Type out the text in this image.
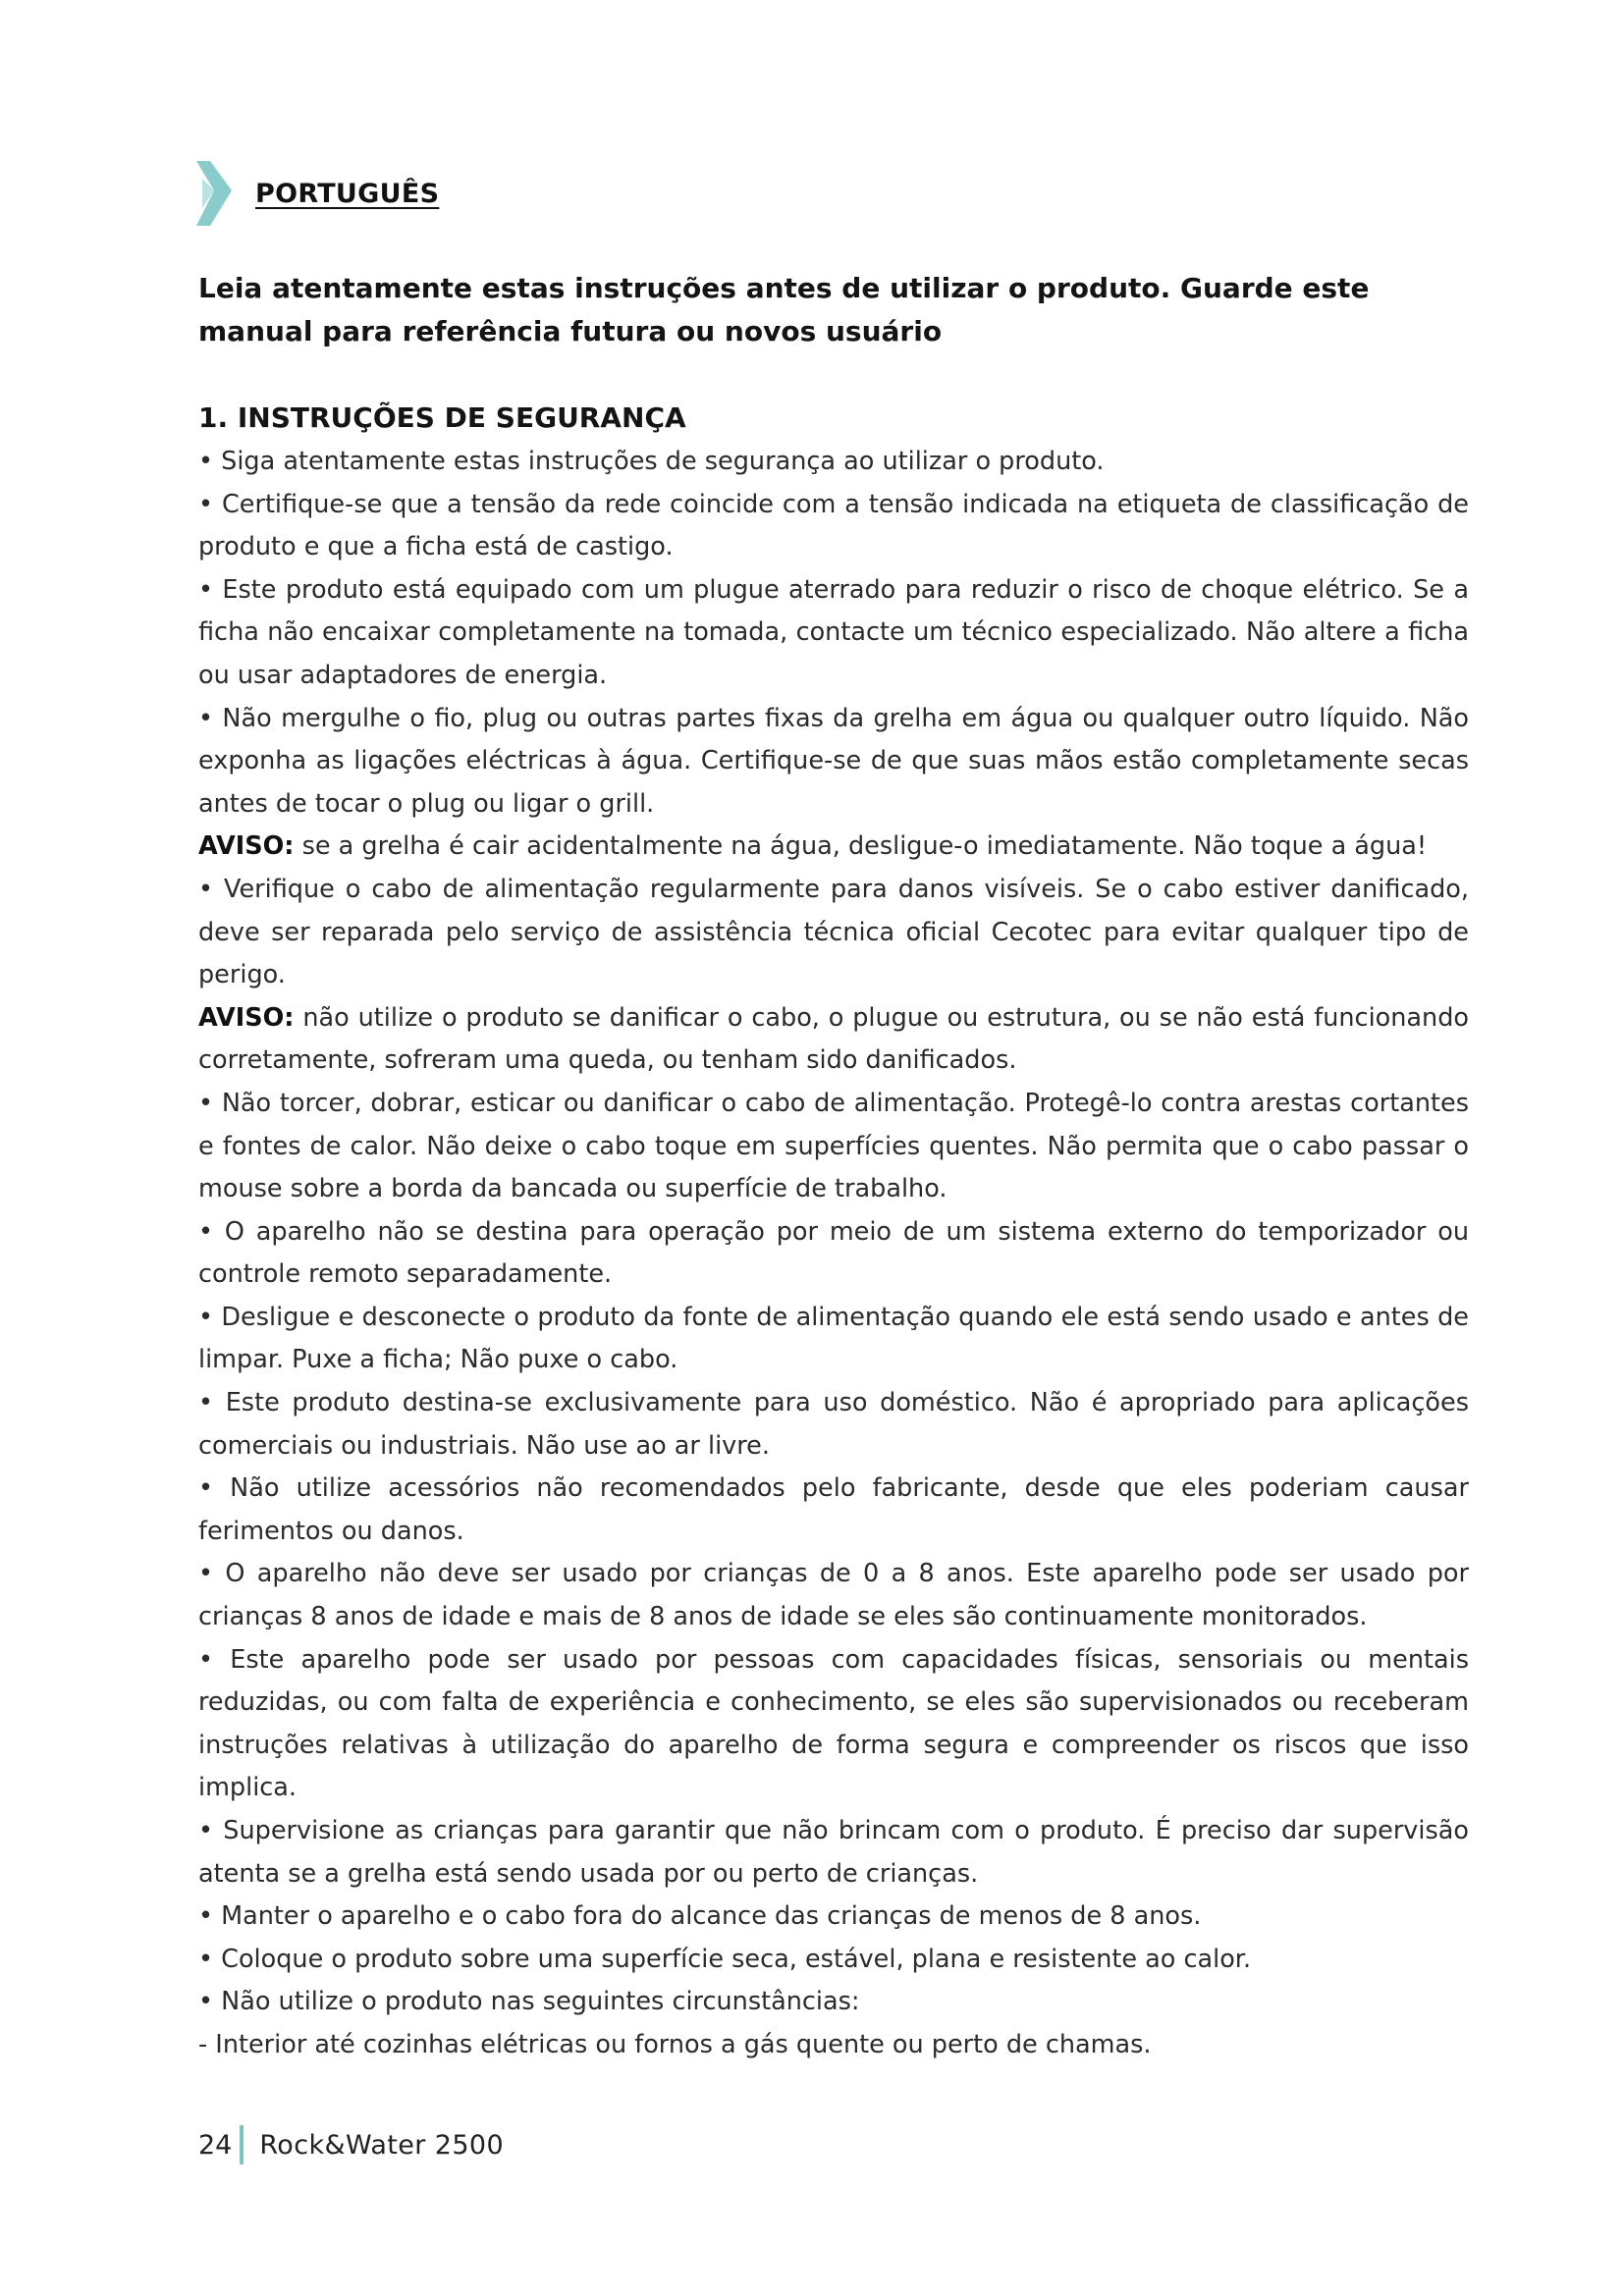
PORTUGUÊS
Leia atentamente estas instruções antes de utilizar o produto. Guarde este manual para referência futura ou novos usuário
1. INSTRUÇÕES DE SEGURANÇA

• Siga atentamente estas instruções de segurança ao utilizar o produto.

• Certifique-se que a tensão da rede coincide com a tensão indicada na etiqueta de classificação de produto e que a ficha está de castigo.

• Este produto está equipado com um plugue aterrado para reduzir o risco de choque elétrico. Se a ficha não encaixar completamente na tomada, contacte um técnico especializado. Não altere a ficha ou usar adaptadores de energia.

• Não mergulhe o fio, plug ou outras partes fixas da grelha em água ou qualquer outro líquido. Não exponha as ligações eléctricas à água. Certifique-se de que suas mãos estão completamente secas antes de tocar o plug ou ligar o grill.

AVISO: se a grelha é cair acidentalmente na água, desligue-o imediatamente. Não toque a água!

• Verifique o cabo de alimentação regularmente para danos visíveis. Se o cabo estiver danificado, deve ser reparada pelo serviço de assistência técnica oficial Cecotec para evitar qualquer tipo de perigo.

AVISO: não utilize o produto se danificar o cabo, o plugue ou estrutura, ou se não está funcionando corretamente, sofreram uma queda, ou tenham sido danificados.

• Não torcer, dobrar, esticar ou danificar o cabo de alimentação. Protegê-lo contra arestas cortantes e fontes de calor. Não deixe o cabo toque em superfícies quentes. Não permita que o cabo passar o mouse sobre a borda da bancada ou superfície de trabalho.

• O aparelho não se destina para operação por meio de um sistema externo do temporizador ou controle remoto separadamente.

• Desligue e desconecte o produto da fonte de alimentação quando ele está sendo usado e antes de limpar. Puxe a ficha; Não puxe o cabo.

• Este produto destina-se exclusivamente para uso doméstico. Não é apropriado para aplicações comerciais ou industriais. Não use ao ar livre.

• Não utilize acessórios não recomendados pelo fabricante, desde que eles poderiam causar ferimentos ou danos.

• O aparelho não deve ser usado por crianças de 0 a 8 anos. Este aparelho pode ser usado por crianças 8 anos de idade e mais de 8 anos de idade se eles são continuamente monitorados.

• Este aparelho pode ser usado por pessoas com capacidades físicas, sensoriais ou mentais reduzidas, ou com falta de experiência e conhecimento, se eles são supervisionados ou receberam instruções relativas à utilização do aparelho de forma segura e compreender os riscos que isso implica.

• Supervisione as crianças para garantir que não brincam com o produto. É preciso dar supervisão atenta se a grelha está sendo usada por ou perto de crianças.

• Manter o aparelho e o cabo fora do alcance das crianças de menos de 8 anos.

• Coloque o produto sobre uma superfície seca, estável, plana e resistente ao calor.

• Não utilize o produto nas seguintes circunstâncias:

- Interior até cozinhas elétricas ou fornos a gás quente ou perto de chamas.

24 Rock&Water 2500
